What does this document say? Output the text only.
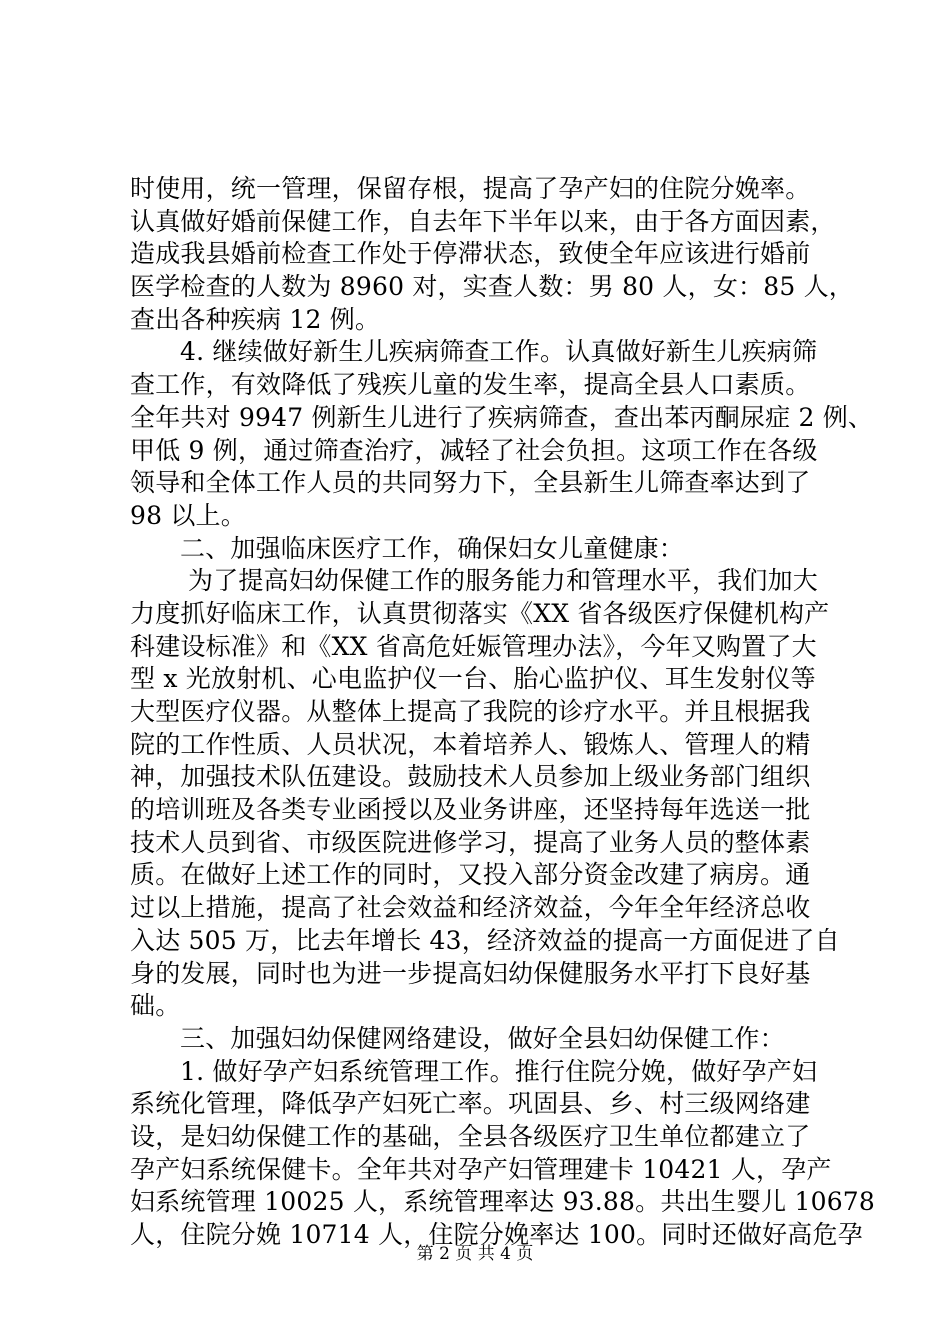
时使用，统一管理，保留存根，提高了孕产妇的住院分娩率。
认真做好婚前保健工作，自去年下半年以来，由于各方面因素，
造成我县婚前检查工作处于停滞状态，致使全年应该进行婚前
医学检查的人数为 8960 对，实查人数：男 80 人，女：85 人，
查出各种疾病 12 例。
4. 继续做好新生儿疾病筛查工作。认真做好新生儿疾病筛
查工作，有效降低了残疾儿童的发生率，提高全县人口素质。
全年共对 9947 例新生儿进行了疾病筛查，查出苯丙酮尿症 2 例、
甲低 9 例，通过筛查治疗，减轻了社会负担。这项工作在各级
领导和全体工作人员的共同努力下，全县新生儿筛查率达到了
98 以上。
二、加强临床医疗工作，确保妇女儿童健康：
为了提高妇幼保健工作的服务能力和管理水平，我们加大
力度抓好临床工作，认真贯彻落实《XX 省各级医疗保健机构产
科建设标准》和《XX 省高危妊娠管理办法》，今年又购置了大
型 x 光放射机、心电监护仪一台、胎心监护仪、耳生发射仪等
大型医疗仪器。从整体上提高了我院的诊疗水平。并且根据我
院的工作性质、人员状况，本着培养人、锻炼人、管理人的精
神，加强技术队伍建设。鼓励技术人员参加上级业务部门组织
的培训班及各类专业函授以及业务讲座，还坚持每年选送一批
技术人员到省、市级医院进修学习，提高了业务人员的整体素
质。在做好上述工作的同时，又投入部分资金改建了病房。通
过以上措施，提高了社会效益和经济效益，今年全年经济总收
入达 505 万，比去年增长 43，经济效益的提高一方面促进了自
身的发展，同时也为进一步提高妇幼保健服务水平打下良好基
础。
三、加强妇幼保健网络建设，做好全县妇幼保健工作：
1. 做好孕产妇系统管理工作。推行住院分娩，做好孕产妇
系统化管理，降低孕产妇死亡率。巩固县、乡、村三级网络建
设，是妇幼保健工作的基础，全县各级医疗卫生单位都建立了
孕产妇系统保健卡。全年共对孕产妇管理建卡 10421 人，孕产
妇系统管理 10025 人，系统管理率达 93.88。共出生婴儿 10678
人，住院分娩 10714 人，住院分娩率达 100。同时还做好高危孕
第 2 页 共 4 页
